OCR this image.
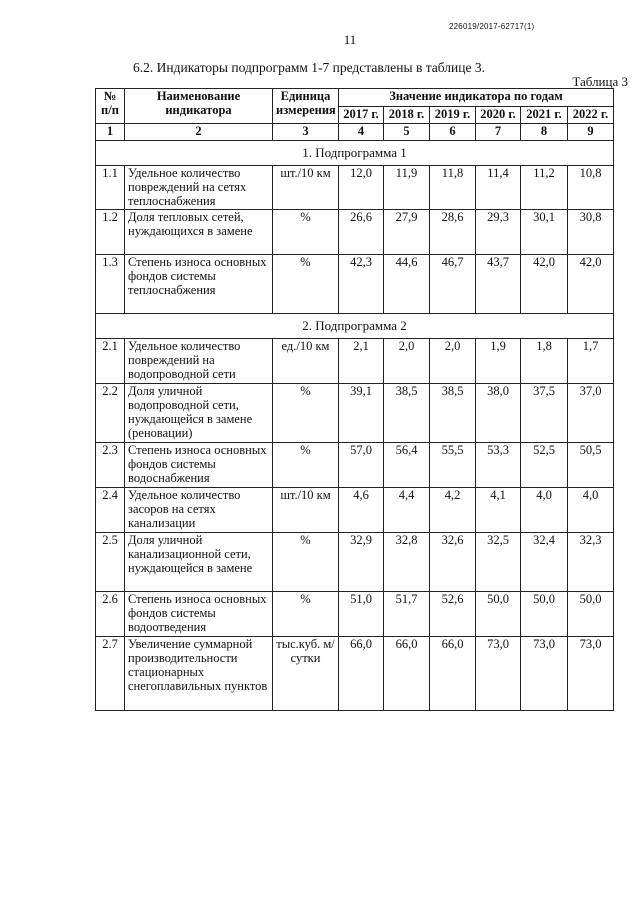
226019/2017-62717(1)
11
6.2. Индикаторы подпрограмм 1-7 представлены в таблице 3.
Таблица 3
№ п/п	Наименование индикатора	Единица измерения	Значение индикатора по годам					
			2017 г.	2018 г.	2019 г.	2020 г.	2021 г.	2022 г.
1	2	3	4	5	6	7	8	9
1. Подпрограмма 1								
1.1	Удельное количество повреждений на сетях теплоснабжения	шт./10 км	12,0	11,9	11,8	11,4	11,2	10,8
1.2	Доля тепловых сетей, нуждающихся в замене	%	26,6	27,9	28,6	29,3	30,1	30,8
1.3	Степень износа основных фондов системы теплоснабжения	%	42,3	44,6	46,7	43,7	42,0	42,0
2. Подпрограмма 2								
2.1	Удельное количество повреждений на водопроводной сети	ед./10 км	2,1	2,0	2,0	1,9	1,8	1,7
2.2	Доля уличной водопроводной сети, нуждающейся в замене (реновации)	%	39,1	38,5	38,5	38,0	37,5	37,0
2.3	Степень износа основных фондов системы водоснабжения	%	57,0	56,4	55,5	53,3	52,5	50,5
2.4	Удельное количество засоров на сетях канализации	шт./10 км	4,6	4,4	4,2	4,1	4,0	4,0
2.5	Доля уличной канализационной сети, нуждающейся в замене	%	32,9	32,8	32,6	32,5	32,4	32,3
2.6	Степень износа основных фондов системы водоотведения	%	51,0	51,7	52,6	50,0	50,0	50,0
2.7	Увеличение суммарной производительности стационарных снегоплавильных пунктов	тыс.куб. м/сутки	66,0	66,0	66,0	73,0	73,0	73,0
